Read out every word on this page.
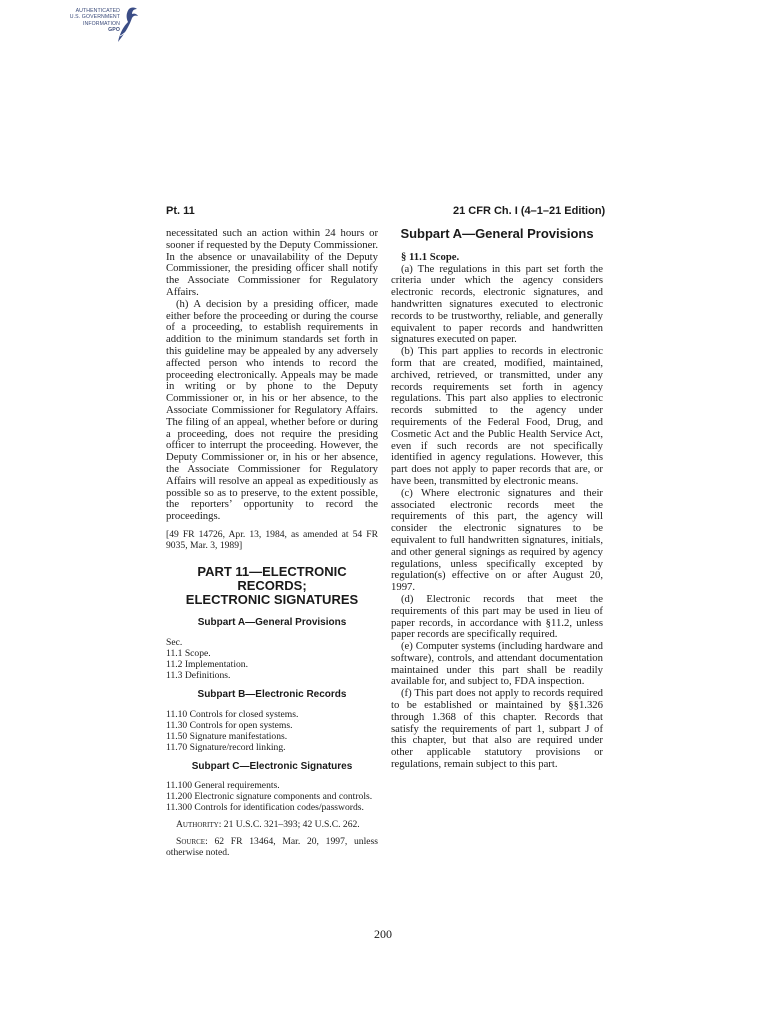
AUTHENTICATED
U.S. GOVERNMENT
INFORMATION
GPO
Pt. 11	21 CFR Ch. I (4–1–21 Edition)

necessitated such an action within 24 hours or sooner if requested by the Deputy Commissioner. In the absence or unavailability of the Deputy Commissioner, the presiding officer shall notify the Associate Commissioner for Regulatory Affairs.

(h) A decision by a presiding officer, made either before the proceeding or during the course of a proceeding, to establish requirements in addition to the minimum standards set forth in this guideline may be appealed by any adversely affected person who intends to record the proceeding electronically. Appeals may be made in writing or by phone to the Deputy Commissioner or, in his or her absence, to the Associate Commissioner for Regulatory Affairs. The filing of an appeal, whether before or during a proceeding, does not require the presiding officer to interrupt the proceeding. However, the Deputy Commissioner or, in his or her absence, the Associate Commissioner for Regulatory Affairs will resolve an appeal as expeditiously as possible so as to preserve, to the extent possible, the reporters’ opportunity to record the proceedings.

[49 FR 14726, Apr. 13, 1984, as amended at 54 FR 9035, Mar. 3, 1989]

PART 11—ELECTRONIC RECORDS;
ELECTRONIC SIGNATURES
Subpart A—General Provisions
Sec.
11.1 Scope.
11.2 Implementation.
11.3 Definitions.
Subpart B—Electronic Records
11.10 Controls for closed systems.
11.30 Controls for open systems.
11.50 Signature manifestations.
11.70 Signature/record linking.
Subpart C—Electronic Signatures
11.100 General requirements.
11.200 Electronic signature components and controls.
11.300 Controls for identification codes/passwords.

Authority: 21 U.S.C. 321–393; 42 U.S.C. 262.

Source: 62 FR 13464, Mar. 20, 1997, unless otherwise noted.

Subpart A—General Provisions

§ 11.1 Scope.

(a) The regulations in this part set forth the criteria under which the agency considers electronic records, electronic signatures, and handwritten signatures executed to electronic records to be trustworthy, reliable, and generally equivalent to paper records and handwritten signatures executed on paper.

(b) This part applies to records in electronic form that are created, modified, maintained, archived, retrieved, or transmitted, under any records requirements set forth in agency regulations. This part also applies to electronic records submitted to the agency under requirements of the Federal Food, Drug, and Cosmetic Act and the Public Health Service Act, even if such records are not specifically identified in agency regulations. However, this part does not apply to paper records that are, or have been, transmitted by electronic means.

(c) Where electronic signatures and their associated electronic records meet the requirements of this part, the agency will consider the electronic signatures to be equivalent to full handwritten signatures, initials, and other general signings as required by agency regulations, unless specifically excepted by regulation(s) effective on or after August 20, 1997.

(d) Electronic records that meet the requirements of this part may be used in lieu of paper records, in accordance with §11.2, unless paper records are specifically required.

(e) Computer systems (including hardware and software), controls, and attendant documentation maintained under this part shall be readily available for, and subject to, FDA inspection.

(f) This part does not apply to records required to be established or maintained by §§1.326 through 1.368 of this chapter. Records that satisfy the requirements of part 1, subpart J of this chapter, but that also are required under other applicable statutory provisions or regulations, remain subject to this part.

200
